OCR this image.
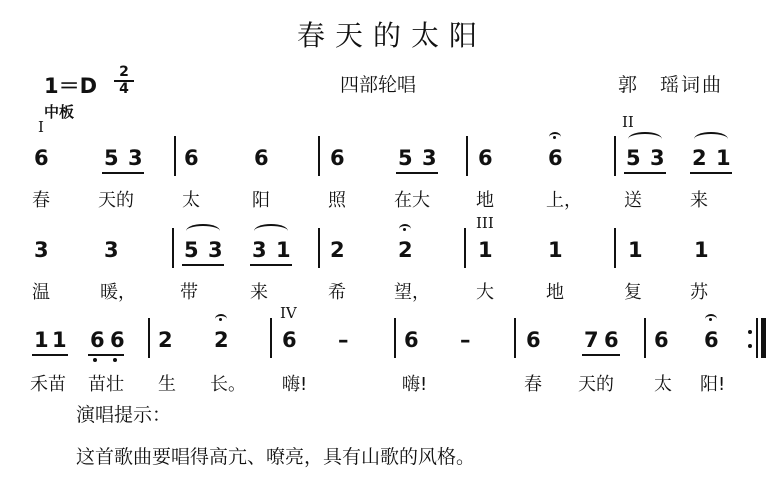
春天的太阳
1＝D
2
4	四部轮唱	郭　瑶词曲
中板
I	II
6	5 3 6	6	6	5 3 6	6	5 3 2 1
春	天的	太	阳	照	在大	地	上， 送	来
III
3	3	5 3 3 1 2	2	1	1	1 1
温	暖， 带	来	希	望，	大	地	复	苏
IV
1 1 6 6 2 2	6 –	6 –	6 7 6 6 6
禾苗 苗壮 生 长。 嗨!	嗨!	春 天的 太 阳!
演唱提示：
这首歌曲要唱得高亢、嘹亮，具有山歌的风格。
